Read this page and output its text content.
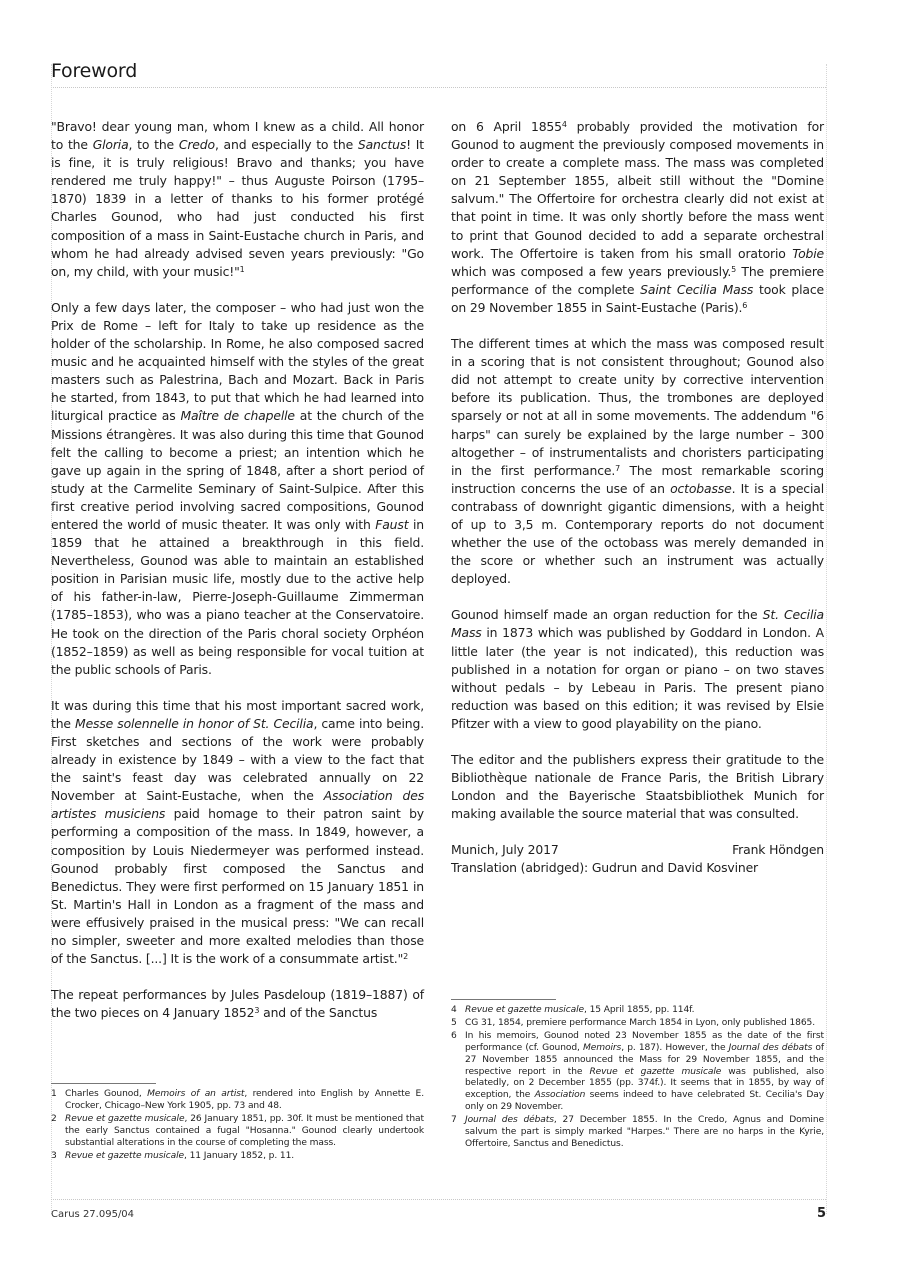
Foreword

"Bravo! dear young man, whom I knew as a child. All honor to the Gloria, to the Credo, and especially to the Sanctus! It is fine, it is truly religious! Bravo and thanks; you have rendered me truly happy!" – thus Auguste Poirson (1795–1870) 1839 in a letter of thanks to his former protégé Charles Gounod, who had just conducted his first composition of a mass in Saint-Eustache church in Paris, and whom he had already advised seven years previously: "Go on, my child, with your music!"$^1$

Only a few days later, the composer – who had just won the Prix de Rome – left for Italy to take up residence as the holder of the scholarship. In Rome, he also composed sacred music and he acquainted himself with the styles of the great masters such as Palestrina, Bach and Mozart. Back in Paris he started, from 1843, to put that which he had learned into liturgical practice as Maître de chapelle at the church of the Missions étrangères. It was also during this time that Gounod felt the calling to become a priest; an intention which he gave up again in the spring of 1848, after a short period of study at the Carmelite Seminary of Saint-Sulpice. After this first creative period involving sacred compositions, Gounod entered the world of music theater. It was only with Faust in 1859 that he attained a breakthrough in this field. Nevertheless, Gounod was able to maintain an established position in Parisian music life, mostly due to the active help of his father-in-law, Pierre-Joseph-Guillaume Zimmerman (1785–1853), who was a piano teacher at the Conservatoire. He took on the direction of the Paris choral society Orphéon (1852–1859) as well as being responsible for vocal tuition at the public schools of Paris.

It was during this time that his most important sacred work, the Messe solennelle in honor of St. Cecilia, came into being. First sketches and sections of the work were probably already in existence by 1849 – with a view to the fact that the saint's feast day was celebrated annually on 22 November at Saint-Eustache, when the Association des artistes musiciens paid homage to their patron saint by performing a composition of the mass. In 1849, however, a composition by Louis Niedermeyer was performed instead. Gounod probably first composed the Sanctus and Benedictus. They were first performed on 15 January 1851 in St. Martin's Hall in London as a fragment of the mass and were effusively praised in the musical press: "We can recall no simpler, sweeter and more exalted melodies than those of the Sanctus. [...] It is the work of a consummate artist."$^2$

The repeat performances by Jules Pasdeloup (1819–1887) of the two pieces on 4 January 1852$^3$ and of the Sanctus

on 6 April 1855$^4$ probably provided the motivation for Gounod to augment the previously composed movements in order to create a complete mass. The mass was completed on 21 September 1855, albeit still without the "Domine salvum." The Offertoire for orchestra clearly did not exist at that point in time. It was only shortly before the mass went to print that Gounod decided to add a separate orchestral work. The Offertoire is taken from his small oratorio Tobie which was composed a few years previously.$^5$ The premiere performance of the complete Saint Cecilia Mass took place on 29 November 1855 in Saint-Eustache (Paris).$^6$

The different times at which the mass was composed result in a scoring that is not consistent throughout; Gounod also did not attempt to create unity by corrective intervention before its publication. Thus, the trombones are deployed sparsely or not at all in some movements. The addendum "6 harps" can surely be explained by the large number – 300 altogether – of instrumentalists and choristers participating in the first performance.$^7$ The most remarkable scoring instruction concerns the use of an octobasse. It is a special contrabass of downright gigantic dimensions, with a height of up to 3,5 m. Contemporary reports do not document whether the use of the octobass was merely demanded in the score or whether such an instrument was actually deployed.

Gounod himself made an organ reduction for the St. Cecilia Mass in 1873 which was published by Goddard in London. A little later (the year is not indicated), this reduction was published in a notation for organ or piano – on two staves without pedals – by Lebeau in Paris. The present piano reduction was based on this edition; it was revised by Elsie Pfitzer with a view to good playability on the piano.

The editor and the publishers express their gratitude to the Bibliothèque nationale de France Paris, the British Library London and the Bayerische Staatsbibliothek Munich for making available the source material that was consulted.

Munich, July 2017	Frank Höndgen

Translation (abridged): Gudrun and David Kosviner

1 Charles Gounod, Memoirs of an artist, rendered into English by Annette E. Crocker, Chicago–New York 1905, pp. 73 and 48.
2 Revue et gazette musicale, 26 January 1851, pp. 30f. It must be mentioned that the early Sanctus contained a fugal "Hosanna." Gounod clearly undertook substantial alterations in the course of completing the mass.
3 Revue et gazette musicale, 11 January 1852, p. 11.
4 Revue et gazette musicale, 15 April 1855, pp. 114f.
5 CG 31, 1854, premiere performance March 1854 in Lyon, only published 1865.
6 In his memoirs, Gounod noted 23 November 1855 as the date of the first performance (cf. Gounod, Memoirs, p. 187). However, the Journal des débats of 27 November 1855 announced the Mass for 29 November 1855, and the respective report in the Revue et gazette musicale was published, also belatedly, on 2 December 1855 (pp. 374f.). It seems that in 1855, by way of exception, the Association seems indeed to have celebrated St. Cecilia's Day only on 29 November.
7 Journal des débats, 27 December 1855. In the Credo, Agnus and Domine salvum the part is simply marked "Harpes." There are no harps in the Kyrie, Offertoire, Sanctus and Benedictus.
Carus 27.095/04	5
